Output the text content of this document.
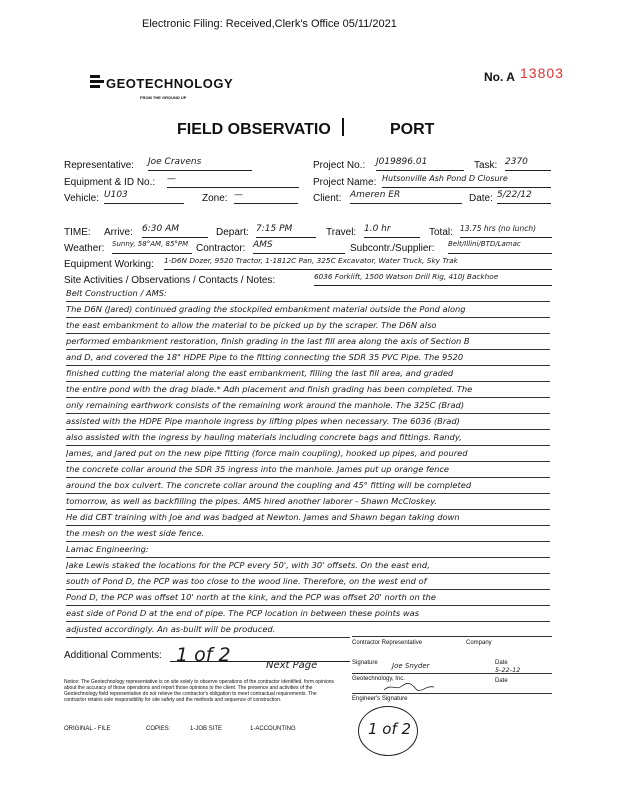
Electronic Filing: Received,Clerk's Office 05/11/2021
GEOTECHNOLOGY
FROM THE GROUND UP
No. A 13803
FIELD OBSERVATIO	PORT
Representative: Joe Cravens	Project No.: J019896.01	Task: 2370
Equipment & ID No.: —	Project Name: Hutsonville Ash Pond D Closure
Vehicle: U103	Zone: —	Client: Ameren ER	Date: 5/22/12
TIME: Arrive: 6:30 AM	Depart: 7:15 PM	Travel: 1.0 hr	Total: 13.75 hrs (no lunch)
Weather: Sunny, 58°AM, 85°PM Contractor: AMS	Subcontr./Supplier: Belt/Illini/BTD/Lamac
Equipment Working: 1-D6N Dozer, 9520 Tractor, 1-1812C Pan, 325C Excavator, Water Truck, Sky Trak
Site Activities / Observations / Contacts / Notes:	6036 Forklift, 1500 Watson Drill Rig, 410J Backhoe
Belt Construction / AMS:
The D6N (Jared) continued grading the stockpiled embankment material outside the Pond along
the east embankment to allow the material to be picked up by the scraper. The D6N also
performed embankment restoration, finish grading in the last fill area along the axis of Section B
and D, and covered the 18" HDPE Pipe to the fitting connecting the SDR 35 PVC Pipe. The 9520
finished cutting the material along the east embankment, filling the last fill area, and graded
the entire pond with the drag blade.* Adh placement and finish grading has been completed. The
only remaining earthwork consists of the remaining work around the manhole. The 325C (Brad)
assisted with the HDPE Pipe manhole ingress by lifting pipes when necessary. The 6036 (Brad)
also assisted with the ingress by hauling materials including concrete bags and fittings. Randy,
James, and Jared put on the new pipe fitting (force main coupling), hooked up pipes, and poured
the concrete collar around the SDR 35 ingress into the manhole. James put up orange fence
around the box culvert. The concrete collar around the coupling and 45° fitting will be completed
tomorrow, as well as backfilling the pipes. AMS hired another laborer - Shawn McCloskey.
He did CBT training with Joe and was badged at Newton. James and Shawn began taking down
the mesh on the west side fence.
Lamac Engineering:
Jake Lewis staked the locations for the PCP every 50', with 30' offsets. On the east end,
south of Pond D, the PCP was too close to the wood line. Therefore, on the west end of
Pond D, the PCP was offset 10' north at the kink, and the PCP was offset 20' north on the
east side of Pond D at the end of pipe. The PCP location in between these points was
adjusted accordingly. An as-built will be produced.
Additional Comments: 1 of 2	Next Page
Contractor Representative	Company
Signature Joe Snyder	Date
5-22-12
Geotechnology, Inc.	Date
Engineer's Signature
Notice: The Geotechnology representative is on site solely to observe operations of the contractor identified, form opinions about the accuracy of those operations and report those opinions to the client. The presence and activities of the Geotechnology field representative do not relieve the contractor's obligation to meet contractual requirements. The contractor retains sole responsibility for site safety and the methods and sequence of construction.
ORIGINAL - FILE	COPIES:	1-JOB SITE	1-ACCOUNTING	1 of 2
